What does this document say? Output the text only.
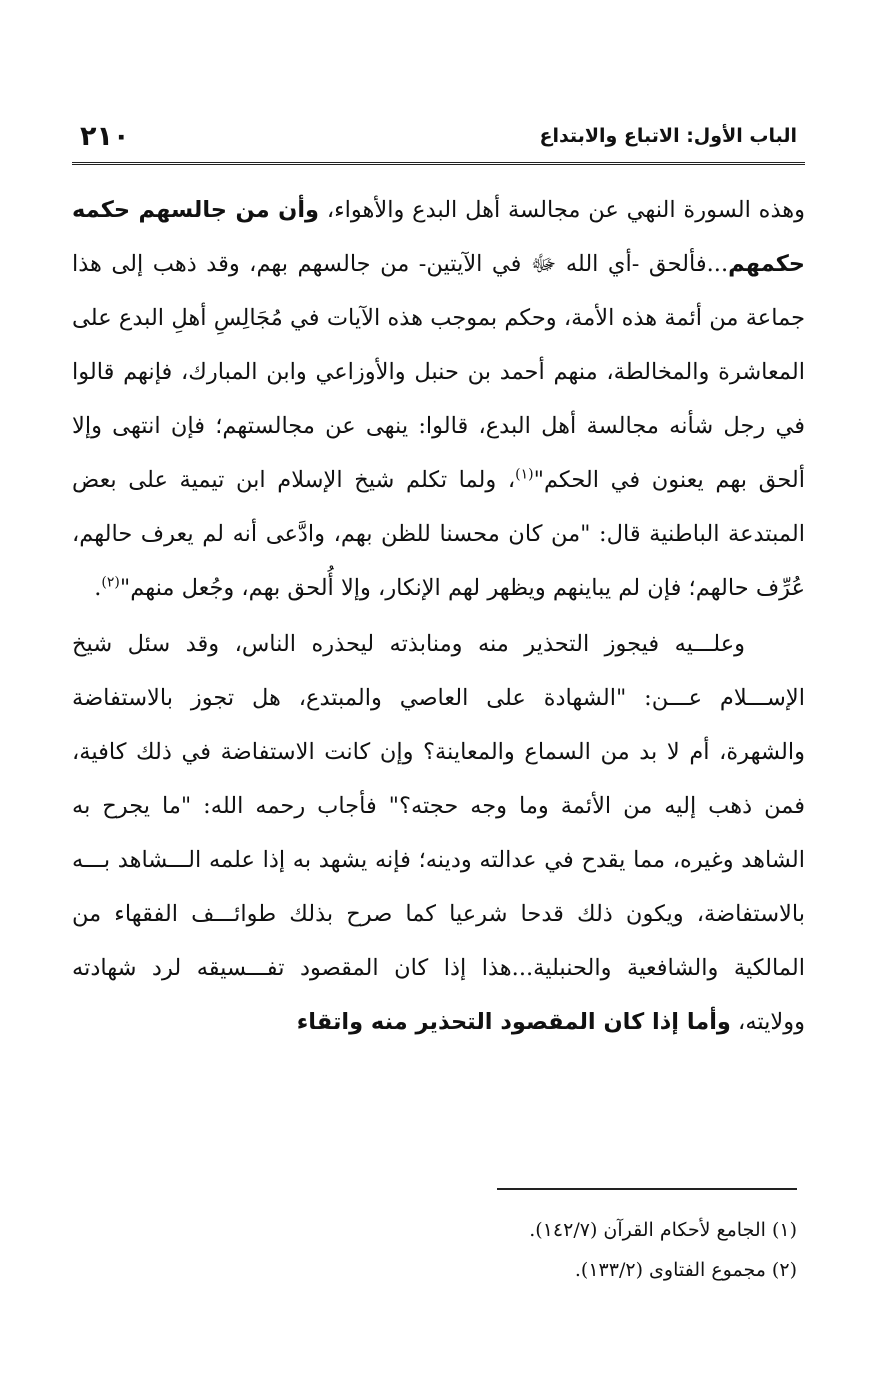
الباب الأول: الاتباع والابتداع
٢١٠

وهذه السورة النهي عن مجالسة أهل البدع والأهواء، وأن من جالسهم حكمه حكمهم...فألحق -أي الله ﷻ في الآيتين- من جالسهم بهم، وقد ذهب إلى هذا جماعة من أئمة هذه الأمة، وحكم بموجب هذه الآيات في مُجَالِسِ أهلِ البدع على المعاشرة والمخالطة، منهم أحمد بن حنبل والأوزاعي وابن المبارك، فإنهم قالوا في رجل شأنه مجالسة أهل البدع، قالوا: ينهى عن مجالستهم؛ فإن انتهى وإلا ألحق بهم يعنون في الحكم"$^{(١)}$، ولما تكلم شيخ الإسلام ابن تيمية على بعض المبتدعة الباطنية قال: "من كان محسنا للظن بهم، وادَّعى أنه لم يعرف حالهم، عُرِّف حالهم؛ فإن لم يباينهم ويظهر لهم الإنكار، وإلا أُلحق بهم، وجُعل منهم"$^{(٢)}$.

وعلـــيه فيجوز التحذير منه ومنابذته ليحذره الناس، وقد سئل شيخ الإســـلام عـــن: "الشهادة على العاصي والمبتدع، هل تجوز بالاستفاضة والشهرة، أم لا بد من السماع والمعاينة؟ وإن كانت الاستفاضة في ذلك كافية، فمن ذهب إليه من الأئمة وما وجه حجته؟" فأجاب رحمه الله: "ما يجرح به الشاهد وغيره، مما يقدح في عدالته ودينه؛ فإنه يشهد به إذا علمه الـــشاهد بـــه بالاستفاضة، ويكون ذلك قدحا شرعيا كما صرح بذلك طوائـــف الفقهاء من المالكية والشافعية والحنبلية...هذا إذا كان المقصود تفـــسيقه لرد شهادته وولايته، وأما إذا كان المقصود التحذير منه واتقاء

(١) الجامع لأحكام القرآن (١٤٢/٧).

(٢) مجموع الفتاوى (١٣٣/٢).
